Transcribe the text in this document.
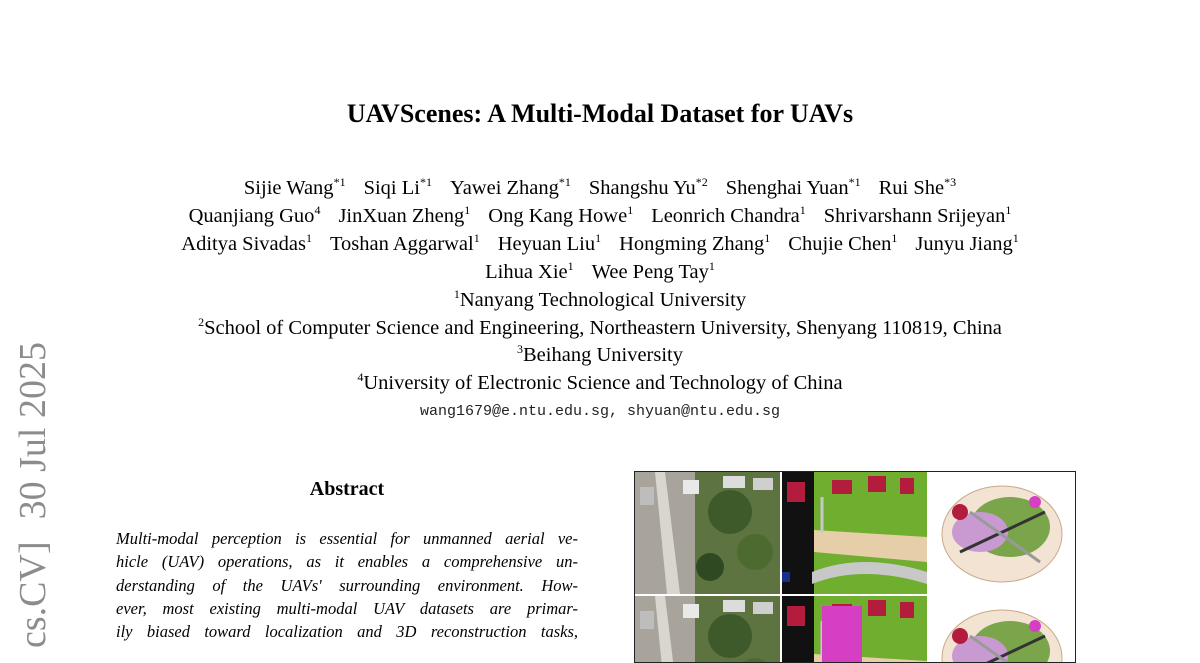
cs.CV]30 Jul 2025
UAVScenes: A Multi-Modal Dataset for UAVs
Sijie Wang$^{*1}$ Siqi Li$^{*1}$ Yawei Zhang$^{*1}$ Shangshu Yu$^{*2}$ Shenghai Yuan$^{*1}$ Rui She$^{*3}$
Quanjiang Guo$^4$ JinXuan Zheng$^1$ Ong Kang Howe$^1$ Leonrich Chandra$^1$ Shrivarshann Srijeyan$^1$
Aditya Sivadas$^1$ Toshan Aggarwal$^1$ Heyuan Liu$^1$ Hongming Zhang$^1$ Chujie Chen$^1$ Junyu Jiang$^1$
Lihua Xie$^1$ Wee Peng Tay$^1$
$^1$Nanyang Technological University
$^2$School of Computer Science and Engineering, Northeastern University, Shenyang 110819, China
$^3$Beihang University
$^4$University of Electronic Science and Technology of China
wang1679@e.ntu.edu.sg, shyuan@ntu.edu.sg
Abstract
Multi-modal perception is essential for unmanned aerial ve-
hicle (UAV) operations, as it enables a comprehensive un-
derstanding of the UAVs' surrounding environment. How-
ever, most existing multi-modal UAV datasets are primar-
ily biased toward localization and 3D reconstruction tasks,
